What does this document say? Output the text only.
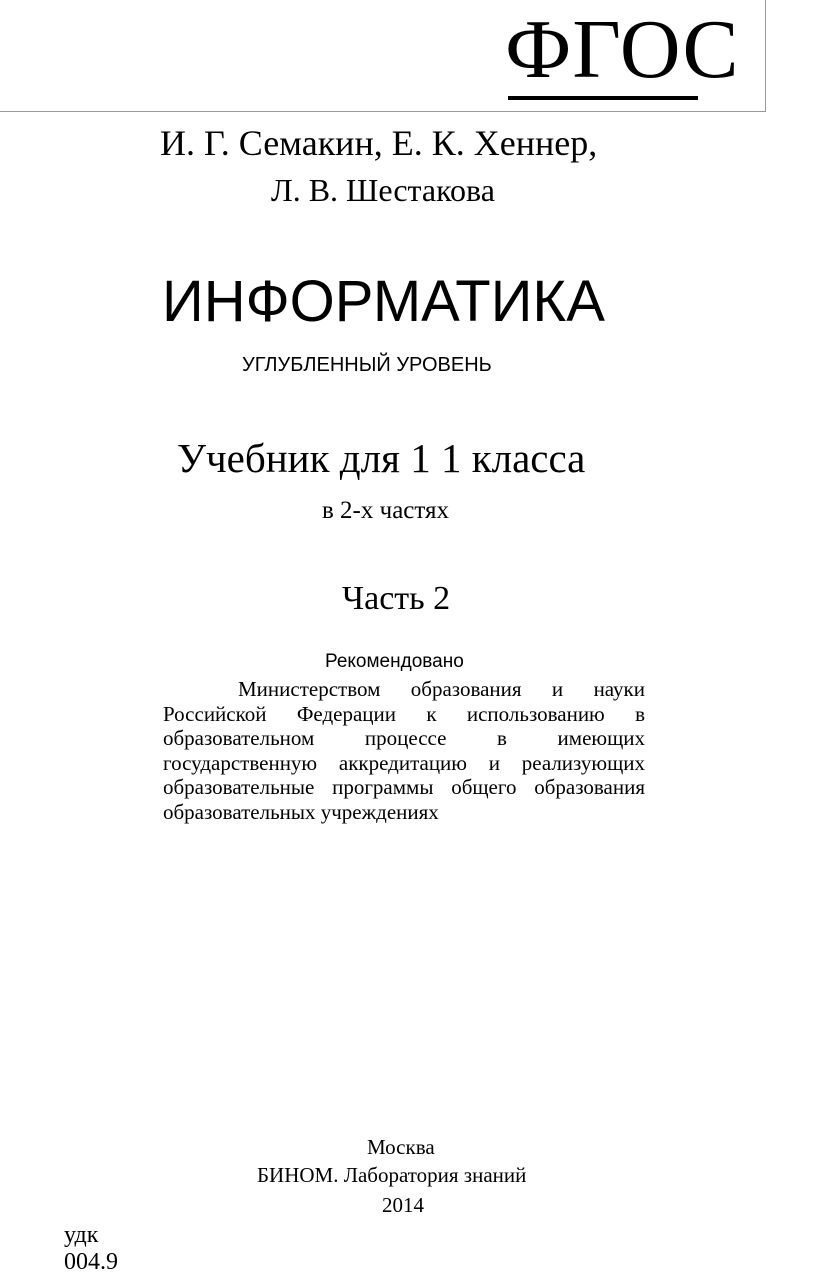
ФГОС
И. Г. Семакин, Е. К. Хеннер,
Л. В. Шестакова
ИНФОРМАТИКА
УГЛУБЛЕННЫЙ УРОВЕНЬ
Учебник для 1 1 класса
в 2-х частях
Часть 2
Рекомендовано
Министерством образования и науки
Российской Федерации к использованию в
образовательном процессе в имеющих
государственную аккредитацию и реализующих
образовательные программы общего образования
образовательных учреждениях
Москва
БИНОМ. Лаборатория знаний
2014
удк
004.9
